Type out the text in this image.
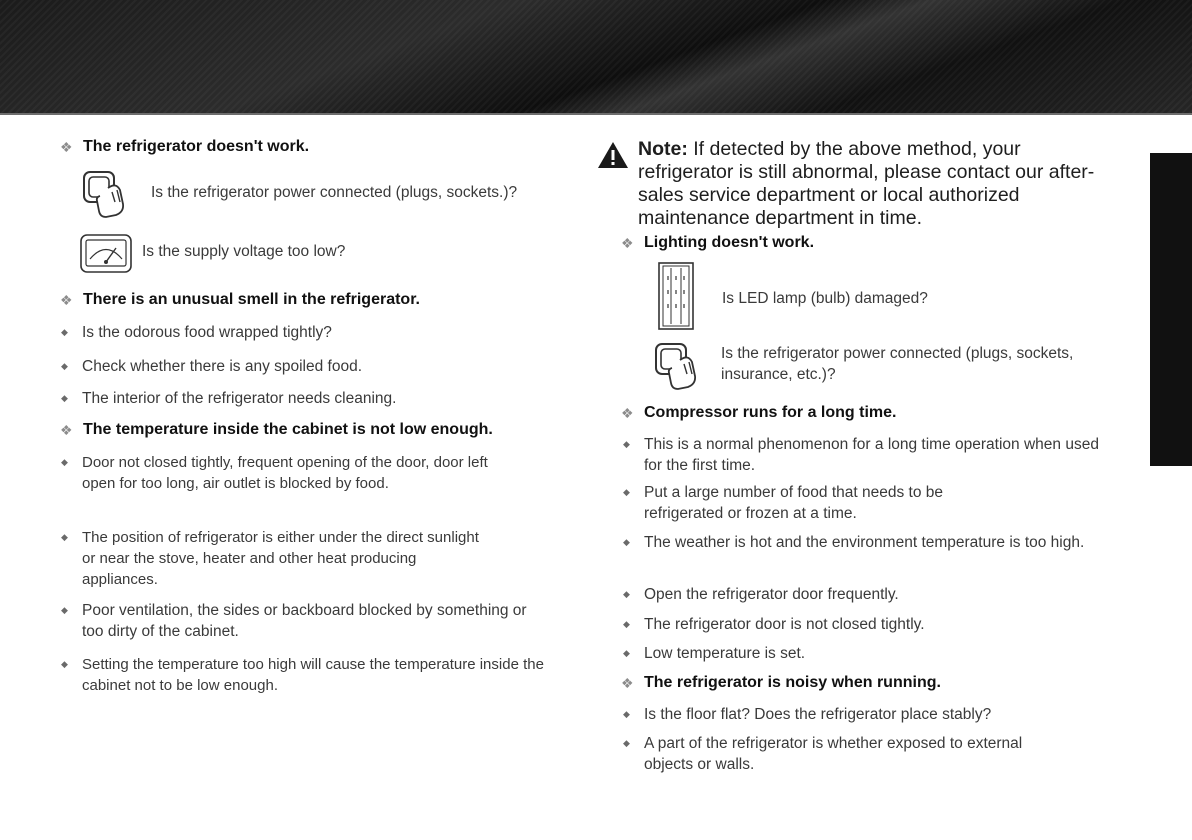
❖ The refrigerator doesn't work.
Is the refrigerator power connected (plugs, sockets.)?
Is the supply voltage too low?
❖ There is an unusual smell in the refrigerator.
◆ Is the odorous food wrapped tightly?
◆ Check whether there is any spoiled food.
◆ The interior of the refrigerator needs cleaning.
❖ The temperature inside the cabinet is not low enough.
◆ Door not closed tightly, frequent opening of the door, door left open for too long, air outlet is blocked by food.
◆ The position of refrigerator is either under the direct sunlight or near the stove, heater and other heat producing appliances.
◆ Poor ventilation, the sides or backboard blocked by something or too dirty of the cabinet.
◆ Setting the temperature too high will cause the temperature inside the cabinet not to be low enough.
Note: If detected by the above method, your refrigerator is still abnormal, please contact our after-sales service department or local authorized maintenance department in time.
❖ Lighting doesn't work.
Is LED lamp (bulb) damaged?
Is the refrigerator power connected (plugs, sockets, insurance, etc.)?
❖ Compressor runs for a long time.
◆ This is a normal phenomenon for a long time operation when used for the first time.
◆ Put a large number of food that needs to be refrigerated or frozen at a time.
◆ The weather is hot and the environment temperature is too high.
◆ Open the refrigerator door frequently.
◆ The refrigerator door is not closed tightly.
◆ Low temperature is set.
❖ The refrigerator is noisy when running.
◆ Is the floor flat? Does the refrigerator place stably?
◆ A part of the refrigerator is whether exposed to external objects or walls.
